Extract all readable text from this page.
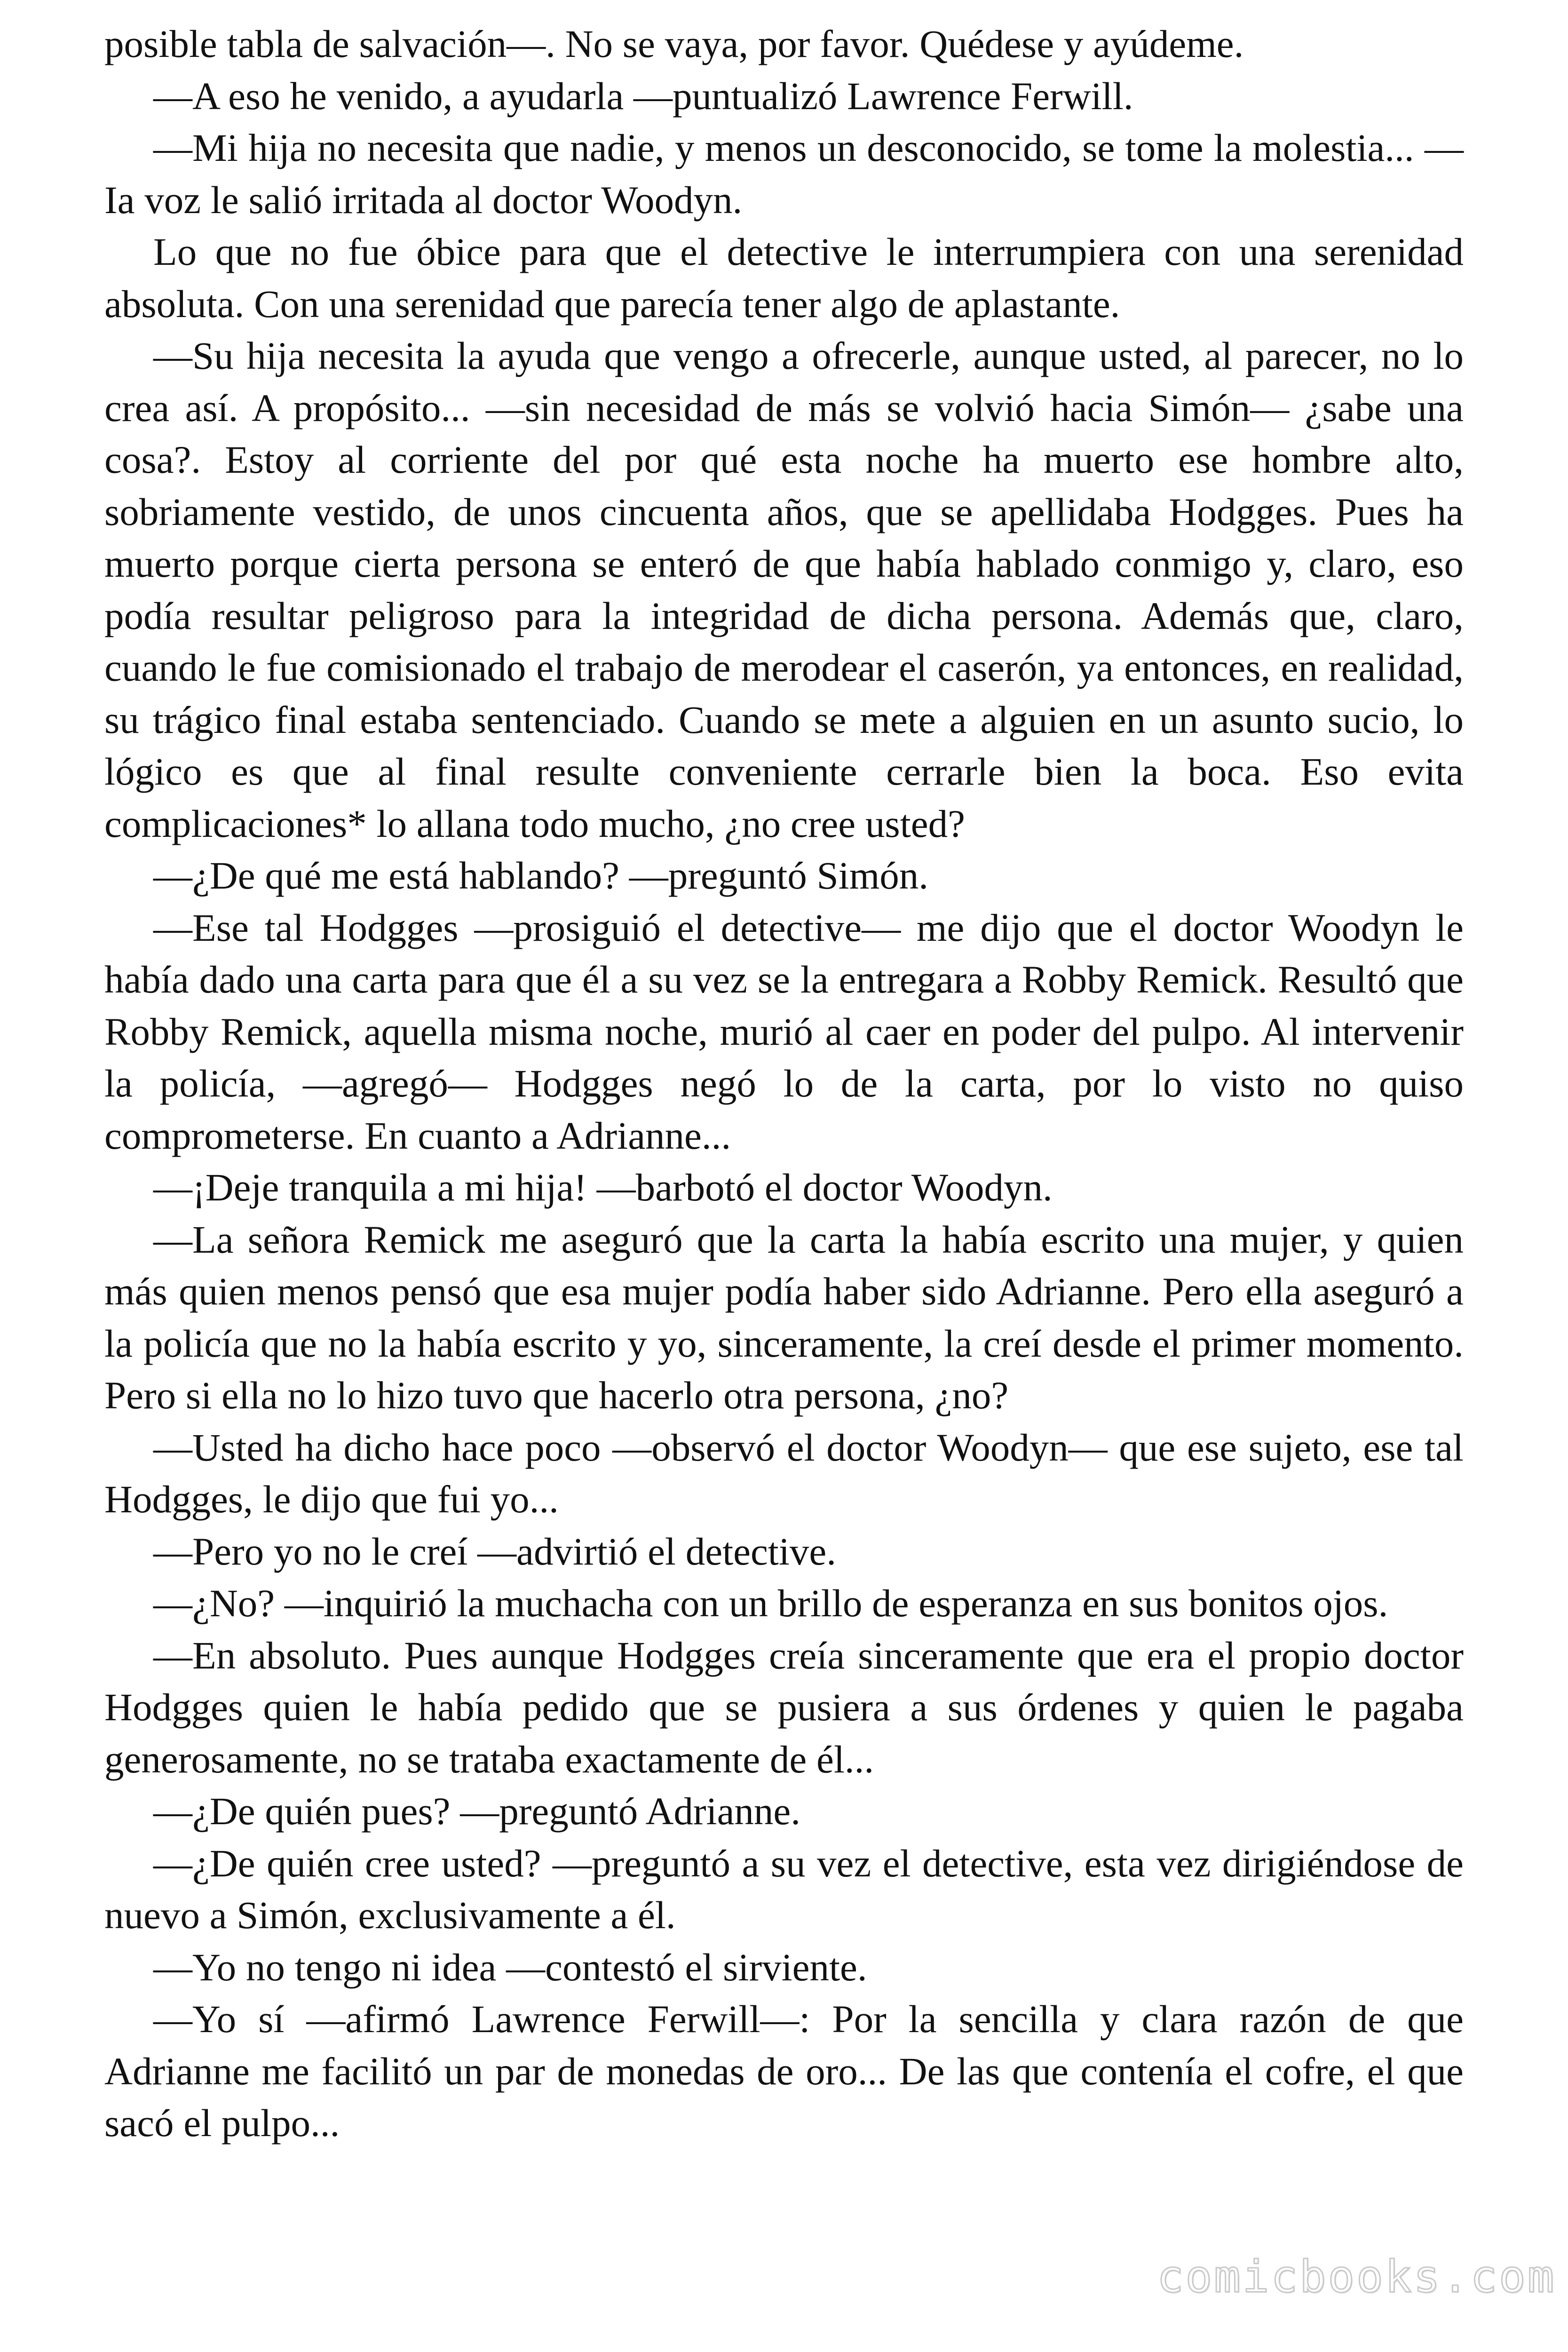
posible tabla de salvación—. No se vaya, por favor. Quédese y ayúdeme.

—A eso he venido, a ayudarla —puntualizó Lawrence Ferwill.

—Mi hija no necesita que nadie, y menos un desconocido, se tome la molestia... —Ia voz le salió irritada al doctor Woodyn.

Lo que no fue óbice para que el detective le interrumpiera con una serenidad absoluta. Con una serenidad que parecía tener algo de aplastante.

—Su hija necesita la ayuda que vengo a ofrecerle, aunque usted, al parecer, no lo crea así. A propósito... —sin necesidad de más se volvió hacia Simón— ¿sabe una cosa?. Estoy al corriente del por qué esta noche ha muerto ese hombre alto, sobriamente vestido, de unos cincuenta años, que se apellidaba Hodgges. Pues ha muerto porque cierta persona se enteró de que había hablado conmigo y, claro, eso podía resultar peligroso para la integridad de dicha persona. Además que, claro, cuando le fue comisionado el trabajo de merodear el caserón, ya entonces, en realidad, su trágico final estaba sentenciado. Cuando se mete a alguien en un asunto sucio, lo lógico es que al final resulte conveniente cerrarle bien la boca. Eso evita complicaciones* lo allana todo mucho, ¿no cree usted?

—¿De qué me está hablando? —preguntó Simón.

—Ese tal Hodgges —prosiguió el detective— me dijo que el doctor Woodyn le había dado una carta para que él a su vez se la entregara a Robby Remick. Resultó que Robby Remick, aquella misma noche, murió al caer en poder del pulpo. Al intervenir la policía, —agregó— Hodgges negó lo de la carta, por lo visto no quiso comprometerse. En cuanto a Adrianne...

—¡Deje tranquila a mi hija! —barbotó el doctor Woodyn.

—La señora Remick me aseguró que la carta la había escrito una mujer, y quien más quien menos pensó que esa mujer podía haber sido Adrianne. Pero ella aseguró a la policía que no la había escrito y yo, sinceramente, la creí desde el primer momento. Pero si ella no lo hizo tuvo que hacerlo otra persona, ¿no?

—Usted ha dicho hace poco —observó el doctor Woodyn— que ese sujeto, ese tal Hodgges, le dijo que fui yo...

—Pero yo no le creí —advirtió el detective.

—¿No? —inquirió la muchacha con un brillo de esperanza en sus bonitos ojos.

—En absoluto. Pues aunque Hodgges creía sinceramente que era el propio doctor Hodgges quien le había pedido que se pusiera a sus órdenes y quien le pagaba generosamente, no se trataba exactamente de él...

—¿De quién pues? —preguntó Adrianne.

—¿De quién cree usted? —preguntó a su vez el detective, esta vez dirigiéndose de nuevo a Simón, exclusivamente a él.

—Yo no tengo ni idea —contestó el sirviente.

—Yo sí —afirmó Lawrence Ferwill—: Por la sencilla y clara razón de que Adrianne me facilitó un par de monedas de oro... De las que contenía el cofre, el que sacó el pulpo...

comicbooks.com
